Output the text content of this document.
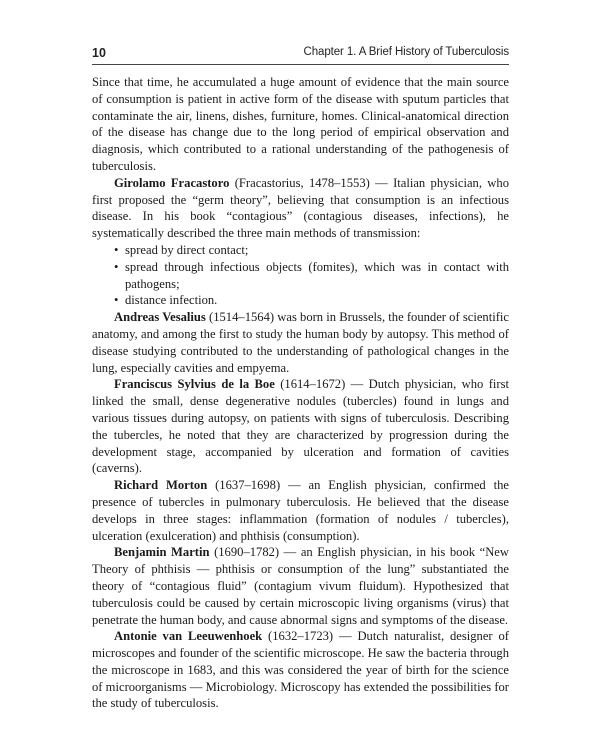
10	Chapter 1. A Brief History of Tuberculosis

Since that time, he accumulated a huge amount of evidence that the main source of consumption is patient in active form of the disease with sputum particles that contaminate the air, linens, dishes, furniture, homes. Clinical-anatomical direction of the disease has change due to the long period of empirical observation and diagnosis, which contributed to a rational understanding of the pathogenesis of tuberculosis.

Girolamo Fracastoro (Fracastorius, 1478–1553) — Italian physician, who first proposed the “germ theory”, believing that consumption is an infectious disease. In his book “contagious” (contagious diseases, infections), he systematically described the three main methods of transmission:

• spread by direct contact;
• spread through infectious objects (fomites), which was in contact with pathogens;
• distance infection.

Andreas Vesalius (1514–1564) was born in Brussels, the founder of scientific anatomy, and among the first to study the human body by autopsy. This method of disease studying contributed to the understanding of pathological changes in the lung, especially cavities and empyema.

Franciscus Sylvius de la Boe (1614–1672) — Dutch physician, who first linked the small, dense degenerative nodules (tubercles) found in lungs and various tissues during autopsy, on patients with signs of tuberculosis. Describing the tubercles, he noted that they are characterized by progression during the development stage, accompanied by ulceration and formation of cavities (caverns).

Richard Morton (1637–1698) — an English physician, confirmed the presence of tubercles in pulmonary tuberculosis. He believed that the disease develops in three stages: inflammation (formation of nodules / tubercles), ulceration (exulceration) and phthisis (consumption).

Benjamin Martin (1690–1782) — an English physician, in his book “New Theory of phthisis — phthisis or consumption of the lung” substantiated the theory of “contagious fluid” (contagium vivum fluidum). Hypothesized that tuberculosis could be caused by certain microscopic living organisms (virus) that penetrate the human body, and cause abnormal signs and symptoms of the disease.

Antonie van Leeuwenhoek (1632–1723) — Dutch naturalist, designer of microscopes and founder of the scientific microscope. He saw the bacteria through the microscope in 1683, and this was considered the year of birth for the science of microorganisms — Microbiology. Microscopy has extended the possibilities for the study of tuberculosis.
